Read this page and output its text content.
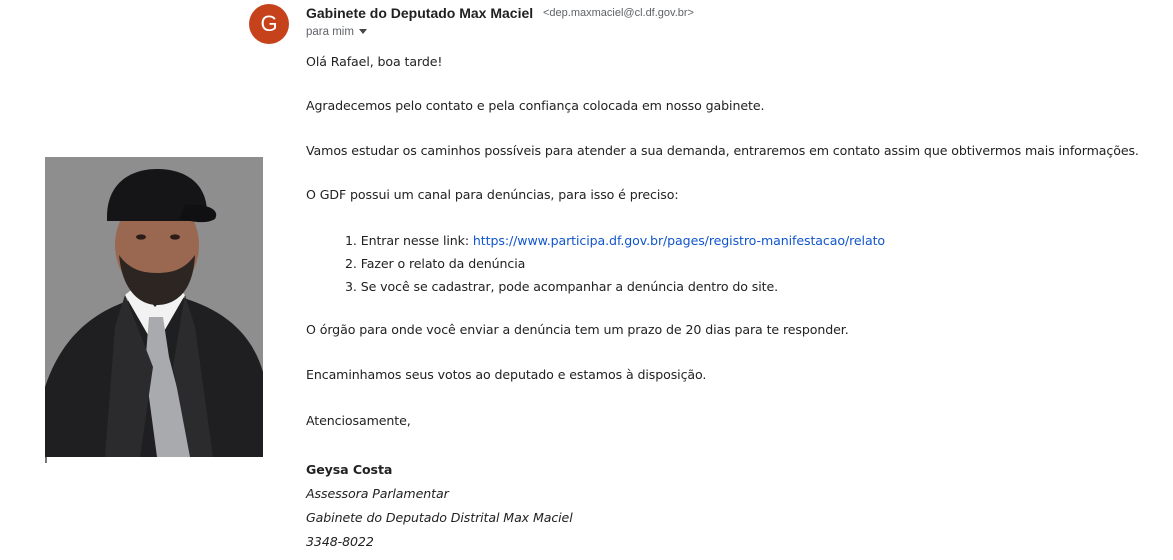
G	Gabinete do Deputado Max Maciel <dep.maxmaciel@cl.df.gov.br>
para mim
Olá Rafael, boa tarde!
Agradecemos pelo contato e pela confiança colocada em nosso gabinete.
Vamos estudar os caminhos possíveis para atender a sua demanda, entraremos em contato assim que obtivermos mais informações.
O GDF possui um canal para denúncias, para isso é preciso:
1. Entrar nesse link: https://www.participa.df.gov.br/pages/registro-manifestacao/relato
2. Fazer o relato da denúncia
3. Se você se cadastrar, pode acompanhar a denúncia dentro do site.
O órgão para onde você enviar a denúncia tem um prazo de 20 dias para te responder.
Encaminhamos seus votos ao deputado e estamos à disposição.
Atenciosamente,
Geysa Costa
Assessora Parlamentar
Gabinete do Deputado Distrital Max Maciel
3348-8022
